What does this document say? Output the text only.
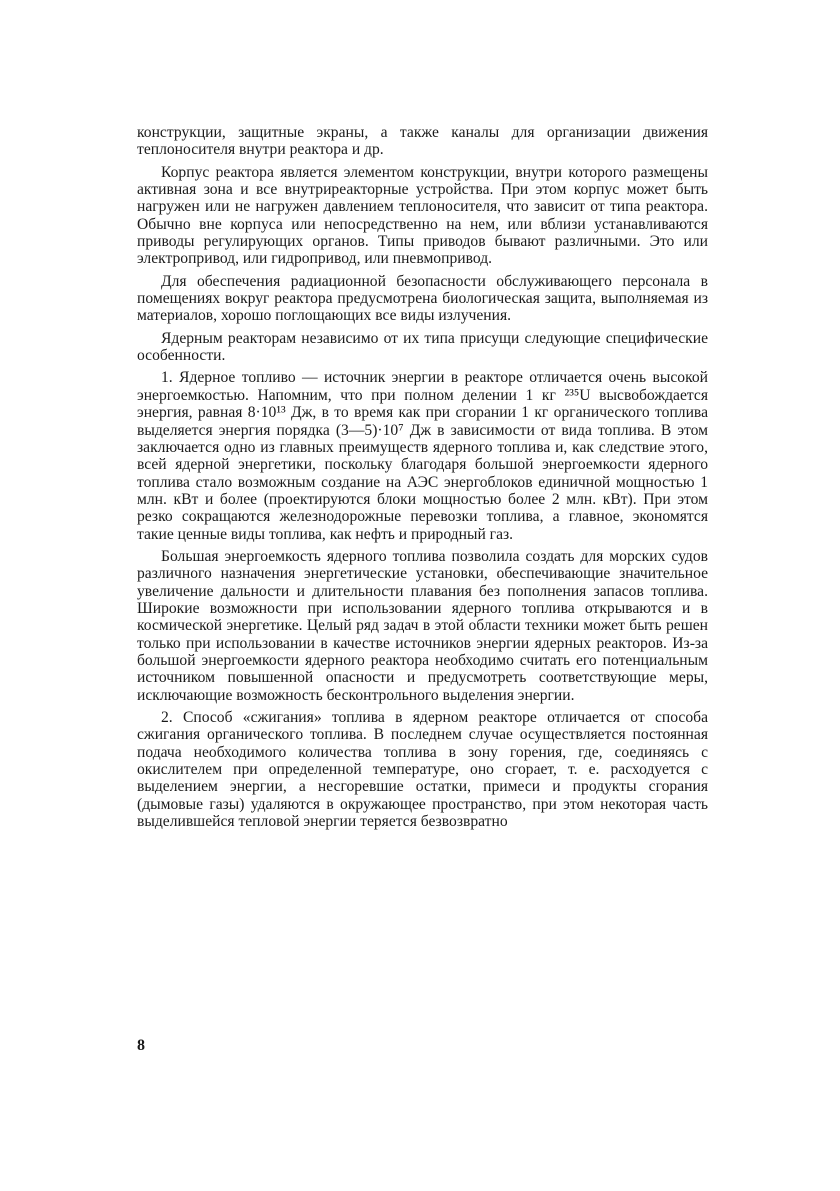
конструкции, защитные экраны, а также каналы для организации движения теплоносителя внутри реактора и др.

Корпус реактора является элементом конструкции, внутри которого размещены активная зона и все внутриреакторные устройства. При этом корпус может быть нагружен или не нагружен давлением теплоносителя, что зависит от типа реактора. Обычно вне корпуса или непосредственно на нем, или вблизи устанавливаются приводы регулирующих органов. Типы приводов бывают различными. Это или электропривод, или гидропривод, или пневмопривод.

Для обеспечения радиационной безопасности обслуживающего персонала в помещениях вокруг реактора предусмотрена биологическая защита, выполняемая из материалов, хорошо поглощающих все виды излучения.

Ядерным реакторам независимо от их типа присущи следующие специфические особенности.

1. Ядерное топливо — источник энергии в реакторе отличается очень высокой энергоемкостью. Напомним, что при полном делении 1 кг ²³⁵U высвобождается энергия, равная 8·10¹³ Дж, в то время как при сгорании 1 кг органического топлива выделяется энергия порядка (3—5)·10⁷ Дж в зависимости от вида топлива. В этом заключается одно из главных преимуществ ядерного топлива и, как следствие этого, всей ядерной энергетики, поскольку благодаря большой энергоемкости ядерного топлива стало возможным создание на АЭС энергоблоков единичной мощностью 1 млн. кВт и более (проектируются блоки мощностью более 2 млн. кВт). При этом резко сокращаются железнодорожные перевозки топлива, а главное, экономятся такие ценные виды топлива, как нефть и природный газ.

Большая энергоемкость ядерного топлива позволила создать для морских судов различного назначения энергетические установки, обеспечивающие значительное увеличение дальности и длительности плавания без пополнения запасов топлива. Широкие возможности при использовании ядерного топлива открываются и в космической энергетике. Целый ряд задач в этой области техники может быть решен только при использовании в качестве источников энергии ядерных реакторов. Из-за большой энергоемкости ядерного реактора необходимо считать его потенциальным источником повышенной опасности и предусмотреть соответствующие меры, исключающие возможность бесконтрольного выделения энергии.

2. Способ «сжигания» топлива в ядерном реакторе отличается от способа сжигания органического топлива. В последнем случае осуществляется постоянная подача необходимого количества топлива в зону горения, где, соединяясь с окислителем при определенной температуре, оно сгорает, т. е. расходуется с выделением энергии, а несгоревшие остатки, примеси и продукты сгорания (дымовые газы) удаляются в окружающее пространство, при этом некоторая часть выделившейся тепловой энергии теряется безвозвратно

8
